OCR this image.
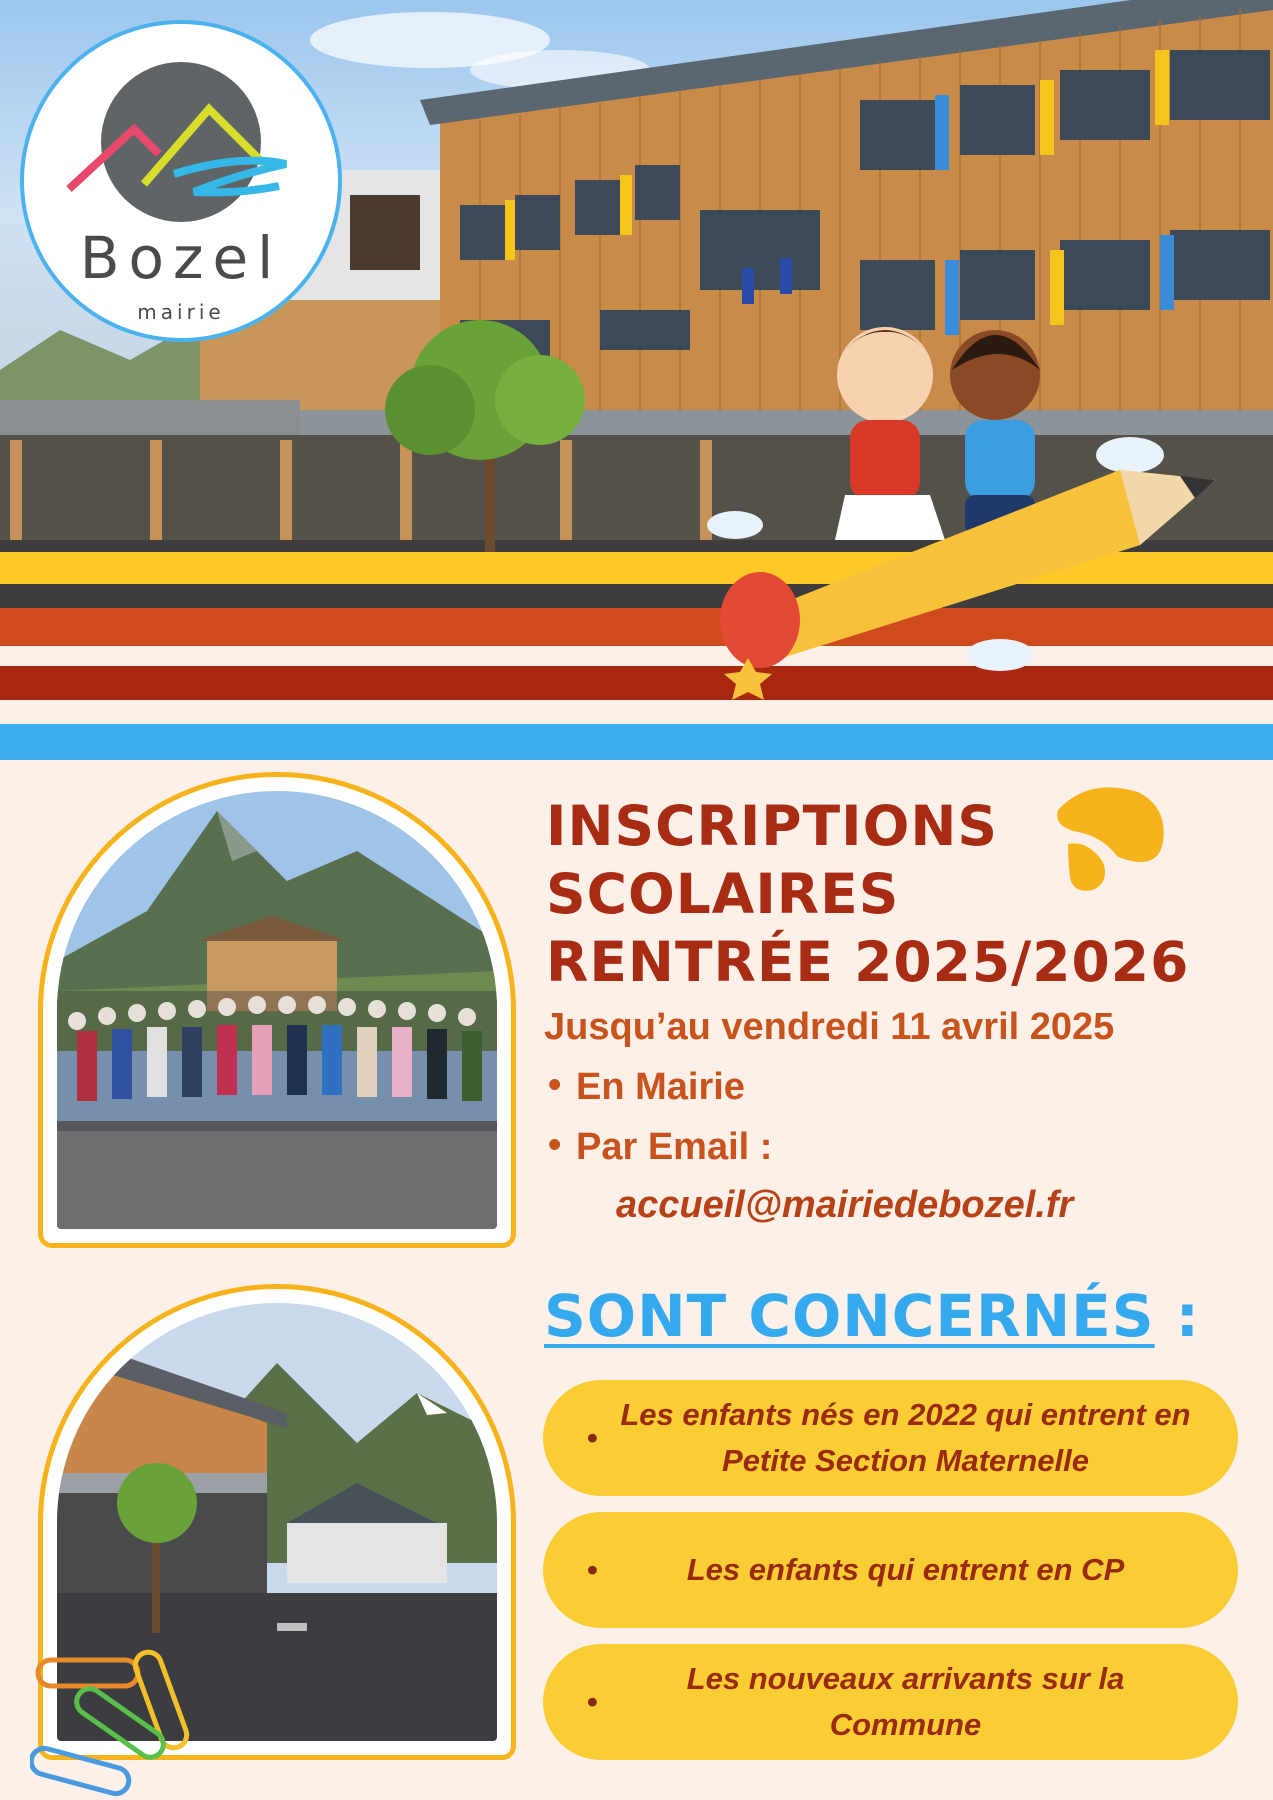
Bozel
mairie
INSCRIPTIONS
SCOLAIRES
RENTRÉE 2025/2026
Jusqu’au vendredi 11 avril 2025
• En Mairie
• Par Email :
accueil@mairiedebozel.fr
SONT CONCERNÉS :
•
Les enfants nés en 2022 qui entrent en Petite Section Maternelle
•	Les enfants qui entrent en CP
•
Les nouveaux arrivants sur la Commune
